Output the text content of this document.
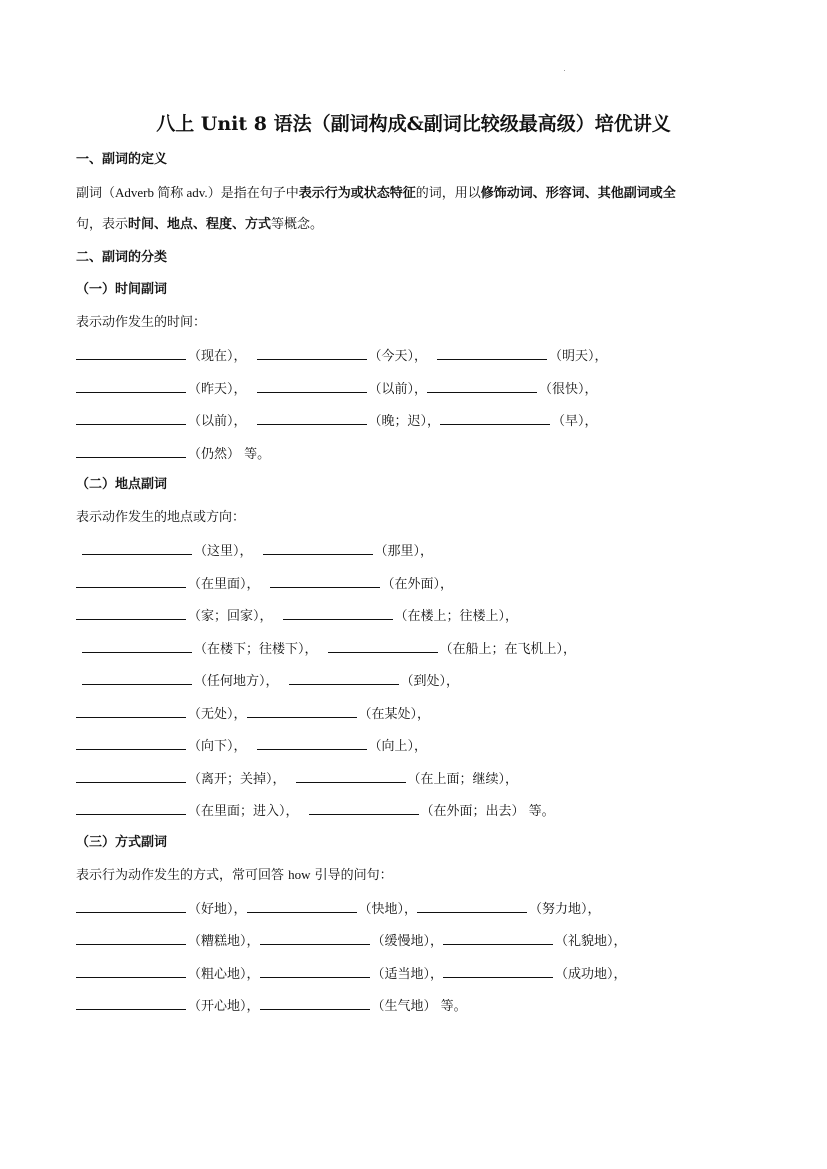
八上 Unit 8 语法（副词构成&副词比较级最高级）培优讲义
一、副词的定义
副词（Adverb 简称 adv.）是指在句子中表示行为或状态特征的词，用以修饰动词、形容词、其他副词或全
句，表示时间、地点、程度、方式等概念。
二、副词的分类
（一）时间副词
表示动作发生的时间：
（现在），	（今天），	（明天），
（昨天），	（以前），	（很快），
（以前），	（晚；迟），	（早），
（仍然） 等。
（二）地点副词
表示动作发生的地点或方向：
（这里），	（那里），
（在里面），	（在外面），
（家；回家），	（在楼上；往楼上），
（在楼下；往楼下），	（在船上；在飞机上），
（任何地方），	（到处），
（无处），	（在某处），
（向下），	（向上），
（离开；关掉），	（在上面；继续），
（在里面；进入），	（在外面；出去） 等。
（三）方式副词
表示行为动作发生的方式，常可回答 how 引导的问句：
（好地），	（快地），	（努力地），
（糟糕地），	（缓慢地），	（礼貌地），
（粗心地），	（适当地），	（成功地），
（开心地），	（生气地） 等。
